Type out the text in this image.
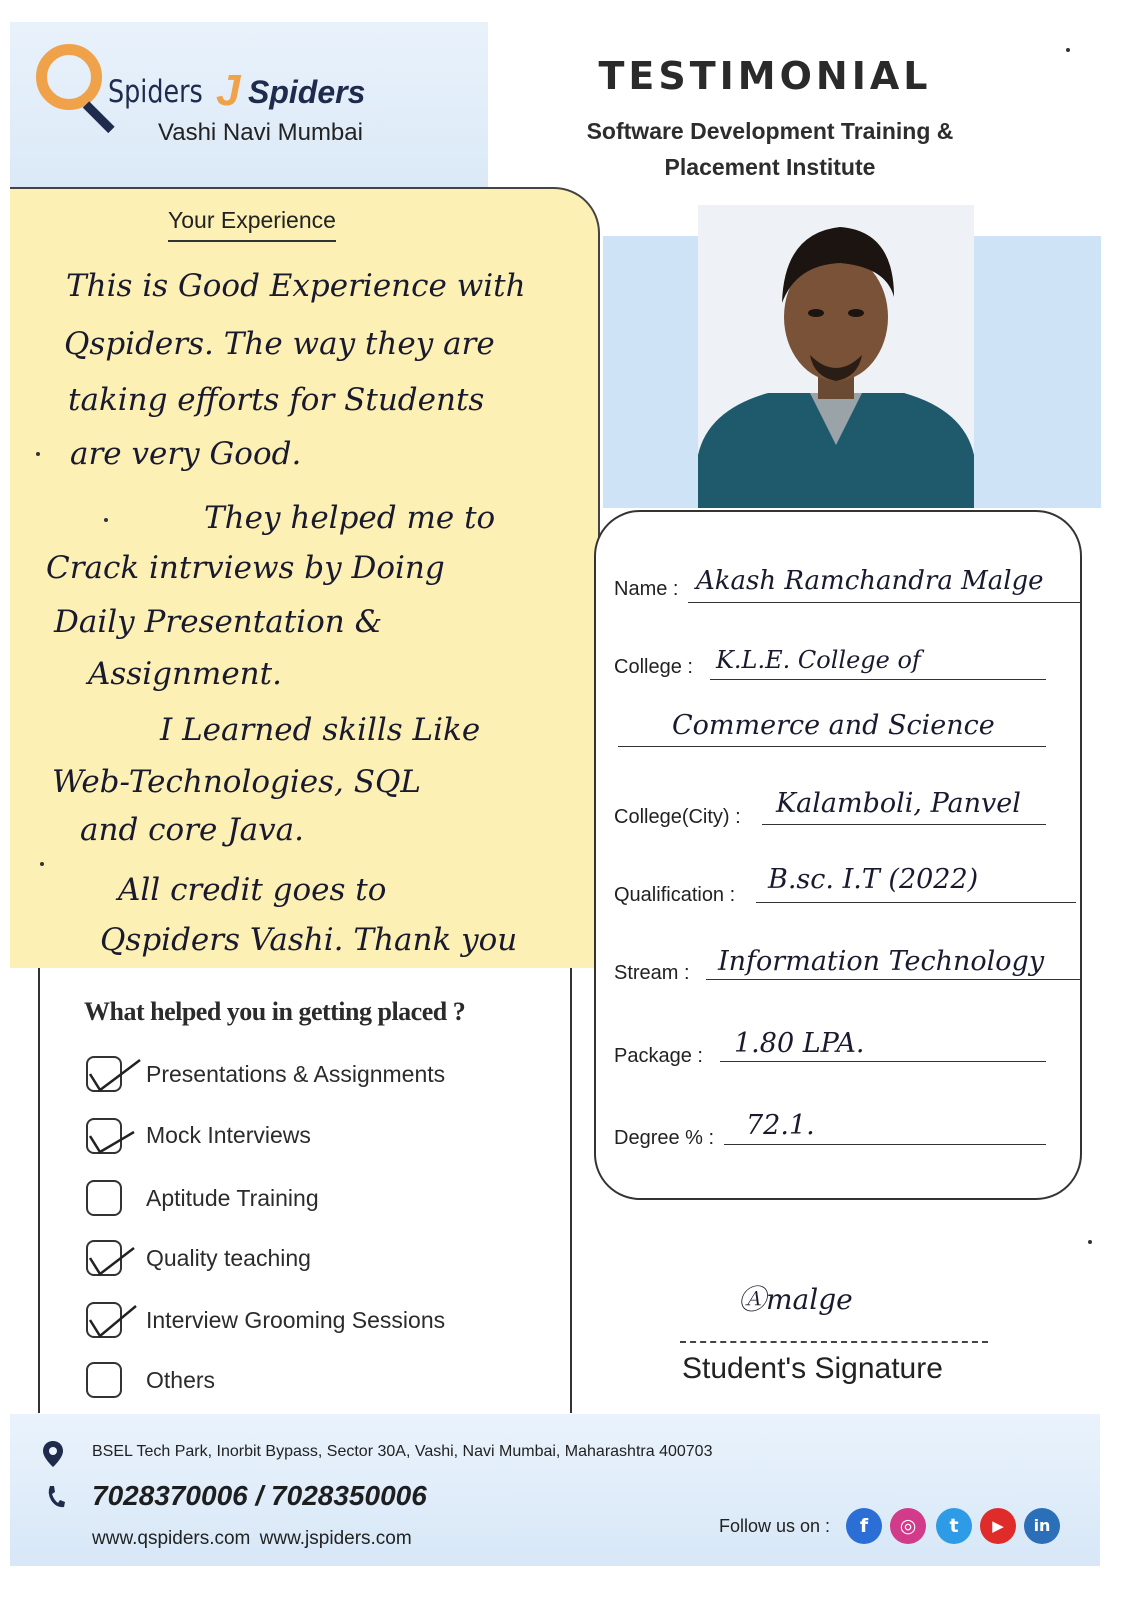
Spiders J Spiders
Vashi Navi Mumbai
TESTIMONIAL
Software Development Training &
Placement Institute
Your Experience
This is Good Experience with
Qspiders. The way they are
taking efforts for Students
are very Good.
They helped me to
Crack intrviews by Doing
Daily Presentation &
Assignment.
I Learned skills Like
Web-Technologies, SQL
and core Java.
All credit goes to
Qspiders Vashi. Thank you
Name : Akash Ramchandra Malge
College : K.L.E. College of
Commerce and Science
College(City) : Kalamboli, Panvel
Qualification : B.sc. I.T (2022)
Stream : Information Technology
Package : 1.80 LPA.
Degree % : 72.1.
What helped you in getting placed ?
Presentations & Assignments
Mock Interviews
Aptitude Training
Quality teaching
Interview Grooming Sessions
Others
Ⓐmalge
Student's Signature
BSEL Tech Park, Inorbit Bypass, Sector 30A, Vashi, Navi Mumbai, Maharashtra 400703
7028370006 / 7028350006
www.qspiders.com www.jspiders.com
Follow us on :	f	◎	t	▶	in
